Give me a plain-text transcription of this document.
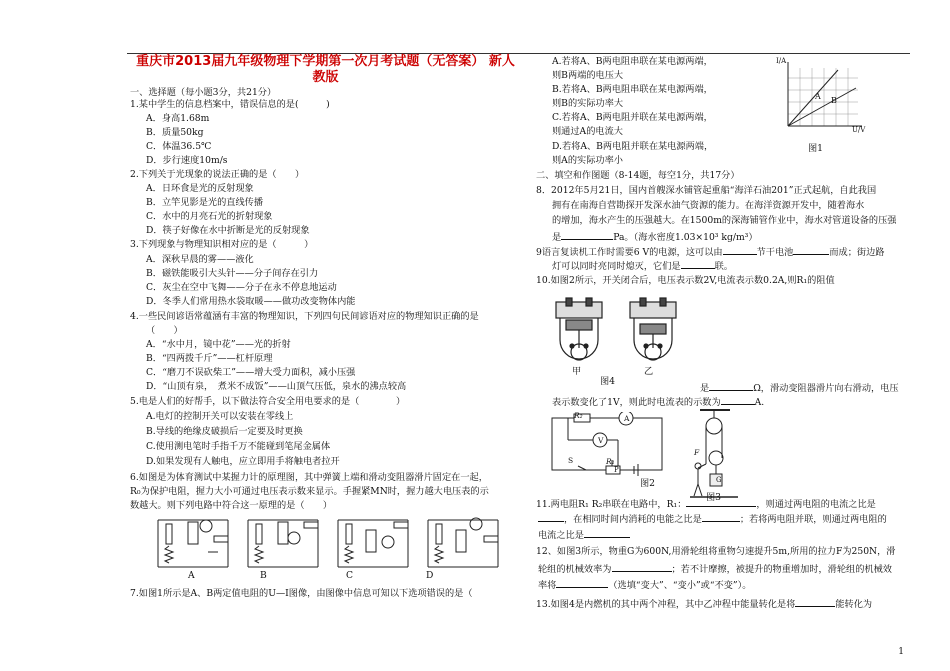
重庆市2013届九年级物理下学期第一次月考试题（无答案） 新人
教版
一、选择题（每小题3分，共21分）
1.某中学生的信息档案中，错误信息的是(　　　)
A．身高1.68m
B．质量50kg
C．体温36.5℃
D．步行速度10m/s
2.下列关于光现象的说法正确的是（　　）
A．日环食是光的反射现象
B．立竿见影是光的直线传播
C．水中的月亮石光的折射现象
D．筷子好像在水中折断是光的反射现象
3.下列现象与物理知识相对应的是（　　　）
A．深秋早晨的雾——液化
B．磁铁能吸引大头针——分子间存在引力
C．灰尘在空中飞舞——分子在永不停息地运动
D．冬季人们常用热水袋取暖——做功改变物体内能
4.一些民间谚语常蕴涵有丰富的物理知识，下列四句民间谚语对应的物理知识正确的是
（　　）
A．“水中月，镜中花”——光的折射
B．“四两拨千斤”——杠杆原理
C．“磨刀不误砍柴工”——增大受力面积，减小压强
D．“山顶有泉，　煮米不成饭”——山顶气压低，泉水的沸点较高
5.电是人们的好帮手，以下做法符合安全用电要求的是（　　　　）
A.电灯的控制开关可以安装在零线上
B.导线的绝缘皮破损后一定要及时更换
C.使用测电笔时手指千万不能碰到笔尾金属体
D.如果发现有人触电，应立即用手将触电者拉开
6.如图是为体育测试中某握力计的原理图，其中弹簧上端和滑动变阻器滑片固定在一起，
R₀为保护电阻，握力大小可通过电压表示数来显示。手握紧MN时，握力越大电压表的示
数越大。则下列电路中符合这一原理的是（　　）
A	B	C	D
7.如图1所示是A、B两定值电阻的U—I图像，由图像中信息可知以下选项错误的是（
A.若将A、B两电阻串联在某电源两端，
则B两端的电压大
B.若将A、B两电阻串联在某电源两端，
则B的实际功率大
C.若将A、B两电阻并联在某电源两端，
则通过A的电流大
D.若将A、B两电阻并联在某电源两端，
则A的实际功率小
I/A
U/V
A B
图1
二、填空和作图题（8-14题，每空1分，共17分）
8．2012年5月21日，国内首艘深水铺管起重船“海洋石油201”正式起航，自此我国
拥有在南海自营勘探开发深水油气资源的能力。在海洋资源开发中，随着海水
的增加，海水产生的压强越大。在1500m的深海铺管作业中，海水对管道设备的压强
是	Pa。（海水密度1.03×10³ kg/m³）
9语言复读机工作时需要6 V的电源，这可以由	节干电池	而成；街边路
灯可以同时亮同时熄灭，它们是	联。
10.如图2所示，开关闭合后，电压表示数2V,电流表示数0.2A,则R₁的阻值
甲	乙
图4
是	Ω，滑动变阻器滑片向右滑动，电压
表示数变化了1V，则此时电流表的示数为	A.
R₂
V
A
S	R₁
P
图2
F
G
图3
11.两电阻R₁ R₂串联在电路中，R₁：	，则通过两电阻的电流之比是
，在相同时间内消耗的电能之比是	；若将两电阻并联，则通过两电阻的
电流之比是
12、如图3所示，物重G为600N,用滑轮组将重物匀速提升5m,所用的拉力F为250N，滑
轮组的机械效率为	；若不计摩擦，被提升的物重增加时，滑轮组的机械效
率将	（选填“变大”、“变小”或“不变”）。
13.如图4是内燃机的其中两个冲程，其中乙冲程中能量转化是将	能转化为
1
